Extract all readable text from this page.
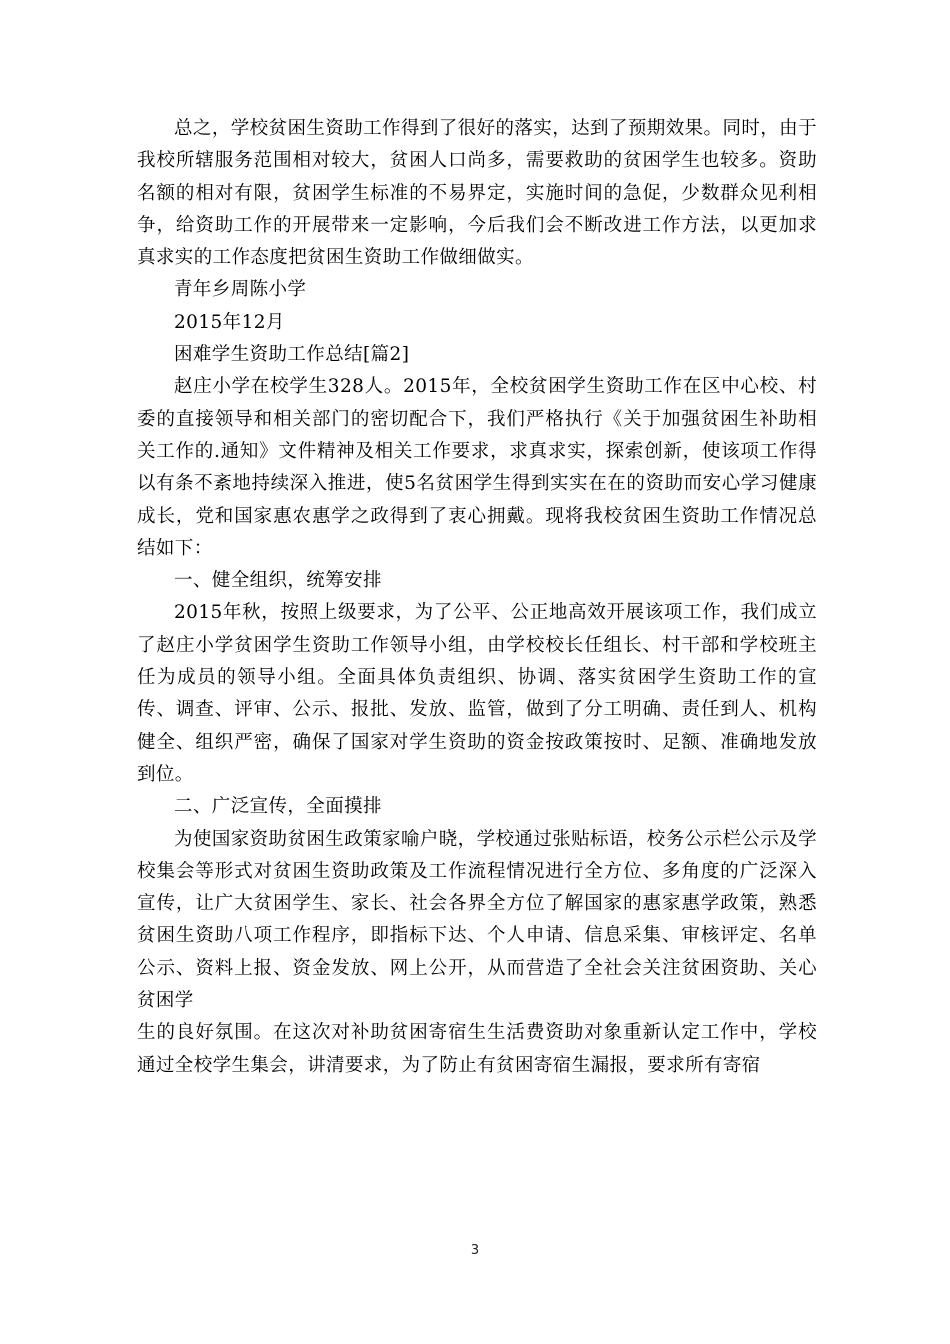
总之，学校贫困生资助工作得到了很好的落实，达到了预期效果。同时，由于我校所辖服务范围相对较大，贫困人口尚多，需要救助的贫困学生也较多。资助名额的相对有限，贫困学生标准的不易界定，实施时间的急促，少数群众见利相争，给资助工作的开展带来一定影响，今后我们会不断改进工作方法，以更加求真求实的工作态度把贫困生资助工作做细做实。

青年乡周陈小学

2015年12月

困难学生资助工作总结[篇2]

赵庄小学在校学生328人。2015年，全校贫困学生资助工作在区中心校、村委的直接领导和相关部门的密切配合下，我们严格执行《关于加强贫困生补助相关工作的.通知》文件精神及相关工作要求，求真求实，探索创新，使该项工作得以有条不紊地持续深入推进，使5名贫困学生得到实实在在的资助而安心学习健康成长，党和国家惠农惠学之政得到了衷心拥戴。现将我校贫困生资助工作情况总结如下：

一、健全组织，统筹安排

2015年秋，按照上级要求，为了公平、公正地高效开展该项工作，我们成立了赵庄小学贫困学生资助工作领导小组，由学校校长任组长、村干部和学校班主任为成员的领导小组。全面具体负责组织、协调、落实贫困学生资助工作的宣传、调查、评审、公示、报批、发放、监管，做到了分工明确、责任到人、机构健全、组织严密，确保了国家对学生资助的资金按政策按时、足额、准确地发放到位。

二、广泛宣传，全面摸排

为使国家资助贫困生政策家喻户晓，学校通过张贴标语，校务公示栏公示及学校集会等形式对贫困生资助政策及工作流程情况进行全方位、多角度的广泛深入宣传，让广大贫困学生、家长、社会各界全方位了解国家的惠家惠学政策，熟悉贫困生资助八项工作程序，即指标下达、个人申请、信息采集、审核评定、名单公示、资料上报、资金发放、网上公开，从而营造了全社会关注贫困资助、关心贫困学

生的良好氛围。在这次对补助贫困寄宿生生活费资助对象重新认定工作中，学校通过全校学生集会，讲清要求，为了防止有贫困寄宿生漏报，要求所有寄宿

3
